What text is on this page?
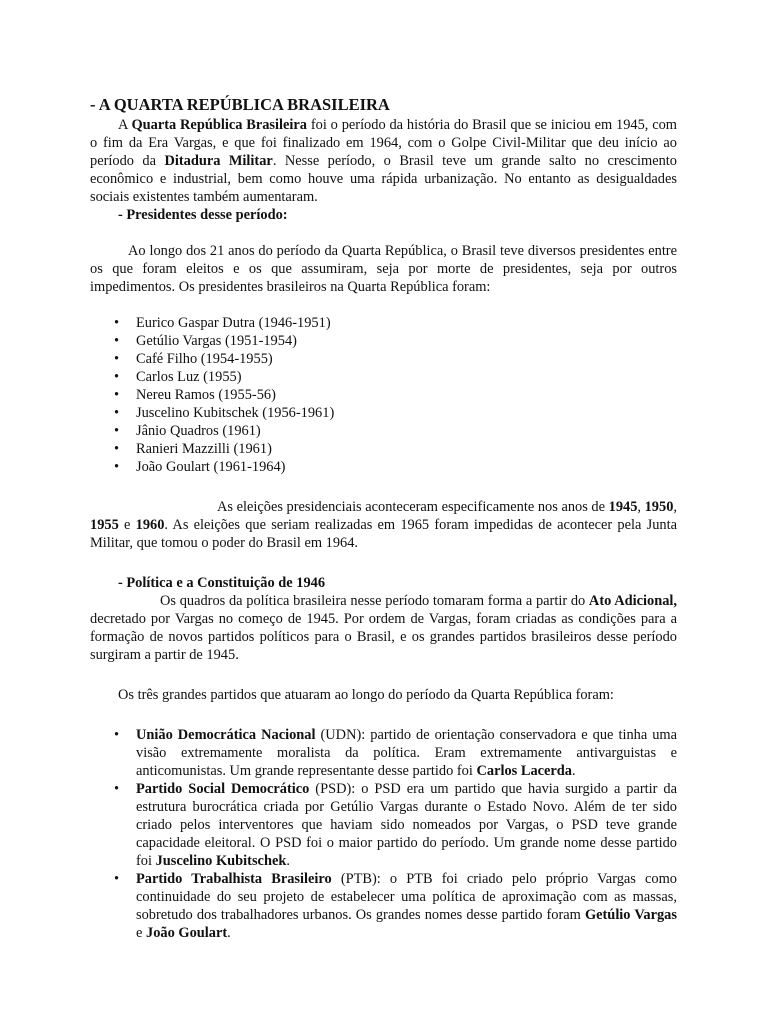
- A QUARTA REPÚBLICA BRASILEIRA

A Quarta República Brasileira foi o período da história do Brasil que se iniciou em 1945, com o fim da Era Vargas, e que foi finalizado em 1964, com o Golpe Civil-Militar que deu início ao período da Ditadura Militar. Nesse período, o Brasil teve um grande salto no crescimento econômico e industrial, bem como houve uma rápida urbanização. No entanto as desigualdades sociais existentes também aumentaram.

- Presidentes desse período:

Ao longo dos 21 anos do período da Quarta República, o Brasil teve diversos presidentes entre os que foram eleitos e os que assumiram, seja por morte de presidentes, seja por outros impedimentos. Os presidentes brasileiros na Quarta República foram:

• Eurico Gaspar Dutra (1946-1951)
• Getúlio Vargas (1951-1954)
• Café Filho (1954-1955)
• Carlos Luz (1955)
• Nereu Ramos (1955-56)
• Juscelino Kubitschek (1956-1961)
• Jânio Quadros (1961)
• Ranieri Mazzilli (1961)
• João Goulart (1961-1964)

As eleições presidenciais aconteceram especificamente nos anos de 1945, 1950, 1955 e 1960. As eleições que seriam realizadas em 1965 foram impedidas de acontecer pela Junta Militar, que tomou o poder do Brasil em 1964.

- Política e a Constituição de 1946

Os quadros da política brasileira nesse período tomaram forma a partir do Ato Adicional, decretado por Vargas no começo de 1945. Por ordem de Vargas, foram criadas as condições para a formação de novos partidos políticos para o Brasil, e os grandes partidos brasileiros desse período surgiram a partir de 1945.

Os três grandes partidos que atuaram ao longo do período da Quarta República foram:

• União Democrática Nacional (UDN): partido de orientação conservadora e que tinha uma visão extremamente moralista da política. Eram extremamente antivarguistas e anticomunistas. Um grande representante desse partido foi Carlos Lacerda.
• Partido Social Democrático (PSD): o PSD era um partido que havia surgido a partir da estrutura burocrática criada por Getúlio Vargas durante o Estado Novo. Além de ter sido criado pelos interventores que haviam sido nomeados por Vargas, o PSD teve grande capacidade eleitoral. O PSD foi o maior partido do período. Um grande nome desse partido foi Juscelino Kubitschek.
• Partido Trabalhista Brasileiro (PTB): o PTB foi criado pelo próprio Vargas como continuidade do seu projeto de estabelecer uma política de aproximação com as massas, sobretudo dos trabalhadores urbanos. Os grandes nomes desse partido foram Getúlio Vargas e João Goulart.
